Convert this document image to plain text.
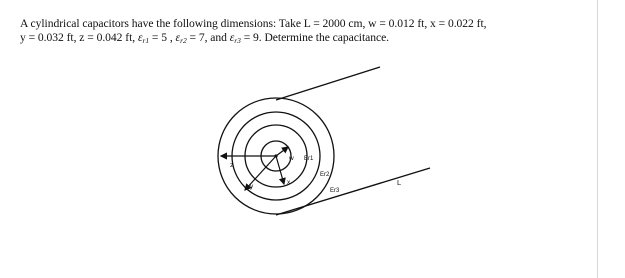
A cylindrical capacitors have the following dimensions: Take L = 2000 cm, w = 0.012 ft, x = 0.022 ft,
y = 0.032 ft, z = 0.042 ft, $\varepsilon_{r1} = 5$ , $\varepsilon_{r2} = 7$, and $\varepsilon_{r3} = 9$. Determine the capacitance.
w
x
y
z
Er1
Er2
Er3
L
